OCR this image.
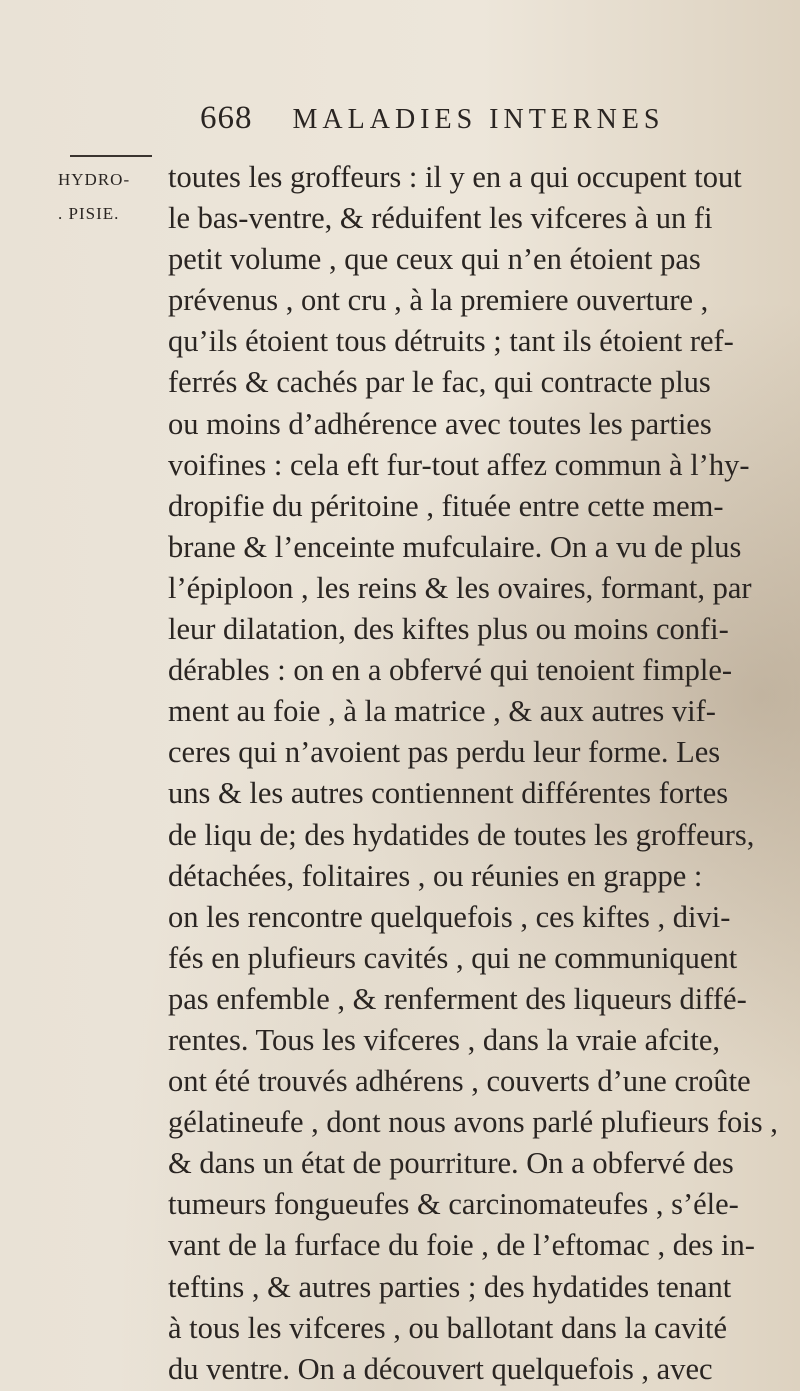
668 MALADIES INTERNES
HYDRO-
. PISIE.
toutes les groffeurs : il y en a qui occupent tout
le bas-ventre, & réduifent les vifceres à un fi
petit volume , que ceux qui n’en étoient pas
prévenus , ont cru , à la premiere ouverture ,
qu’ils étoient tous détruits ; tant ils étoient ref-
ferrés & cachés par le fac, qui contracte plus
ou moins d’adhérence avec toutes les parties
voifines : cela eft fur-tout affez commun à l’hy-
dropifie du péritoine , fituée entre cette mem-
brane & l’enceinte mufculaire. On a vu de plus
l’épiploon , les reins & les ovaires, formant, par
leur dilatation, des kiftes plus ou moins confi-
dérables : on en a obfervé qui tenoient fimple-
ment au foie , à la matrice , & aux autres vif-
ceres qui n’avoient pas perdu leur forme. Les
uns & les autres contiennent différentes fortes
de liqu de; des hydatides de toutes les groffeurs,
détachées, folitaires , ou réunies en grappe :
on les rencontre quelquefois , ces kiftes , divi-
fés en plufieurs cavités , qui ne communiquent
pas enfemble , & renferment des liqueurs diffé-
rentes. Tous les vifceres , dans la vraie afcite,
ont été trouvés adhérens , couverts d’une croûte
gélatineufe , dont nous avons parlé plufieurs fois ,
& dans un état de pourriture. On a obfervé des
tumeurs fongueufes & carcinomateufes , s’éle-
vant de la furface du foie , de l’eftomac , des in-
teftins , & autres parties ; des hydatides tenant
à tous les vifceres , ou ballotant dans la cavité
du ventre. On a découvert quelquefois , avec
